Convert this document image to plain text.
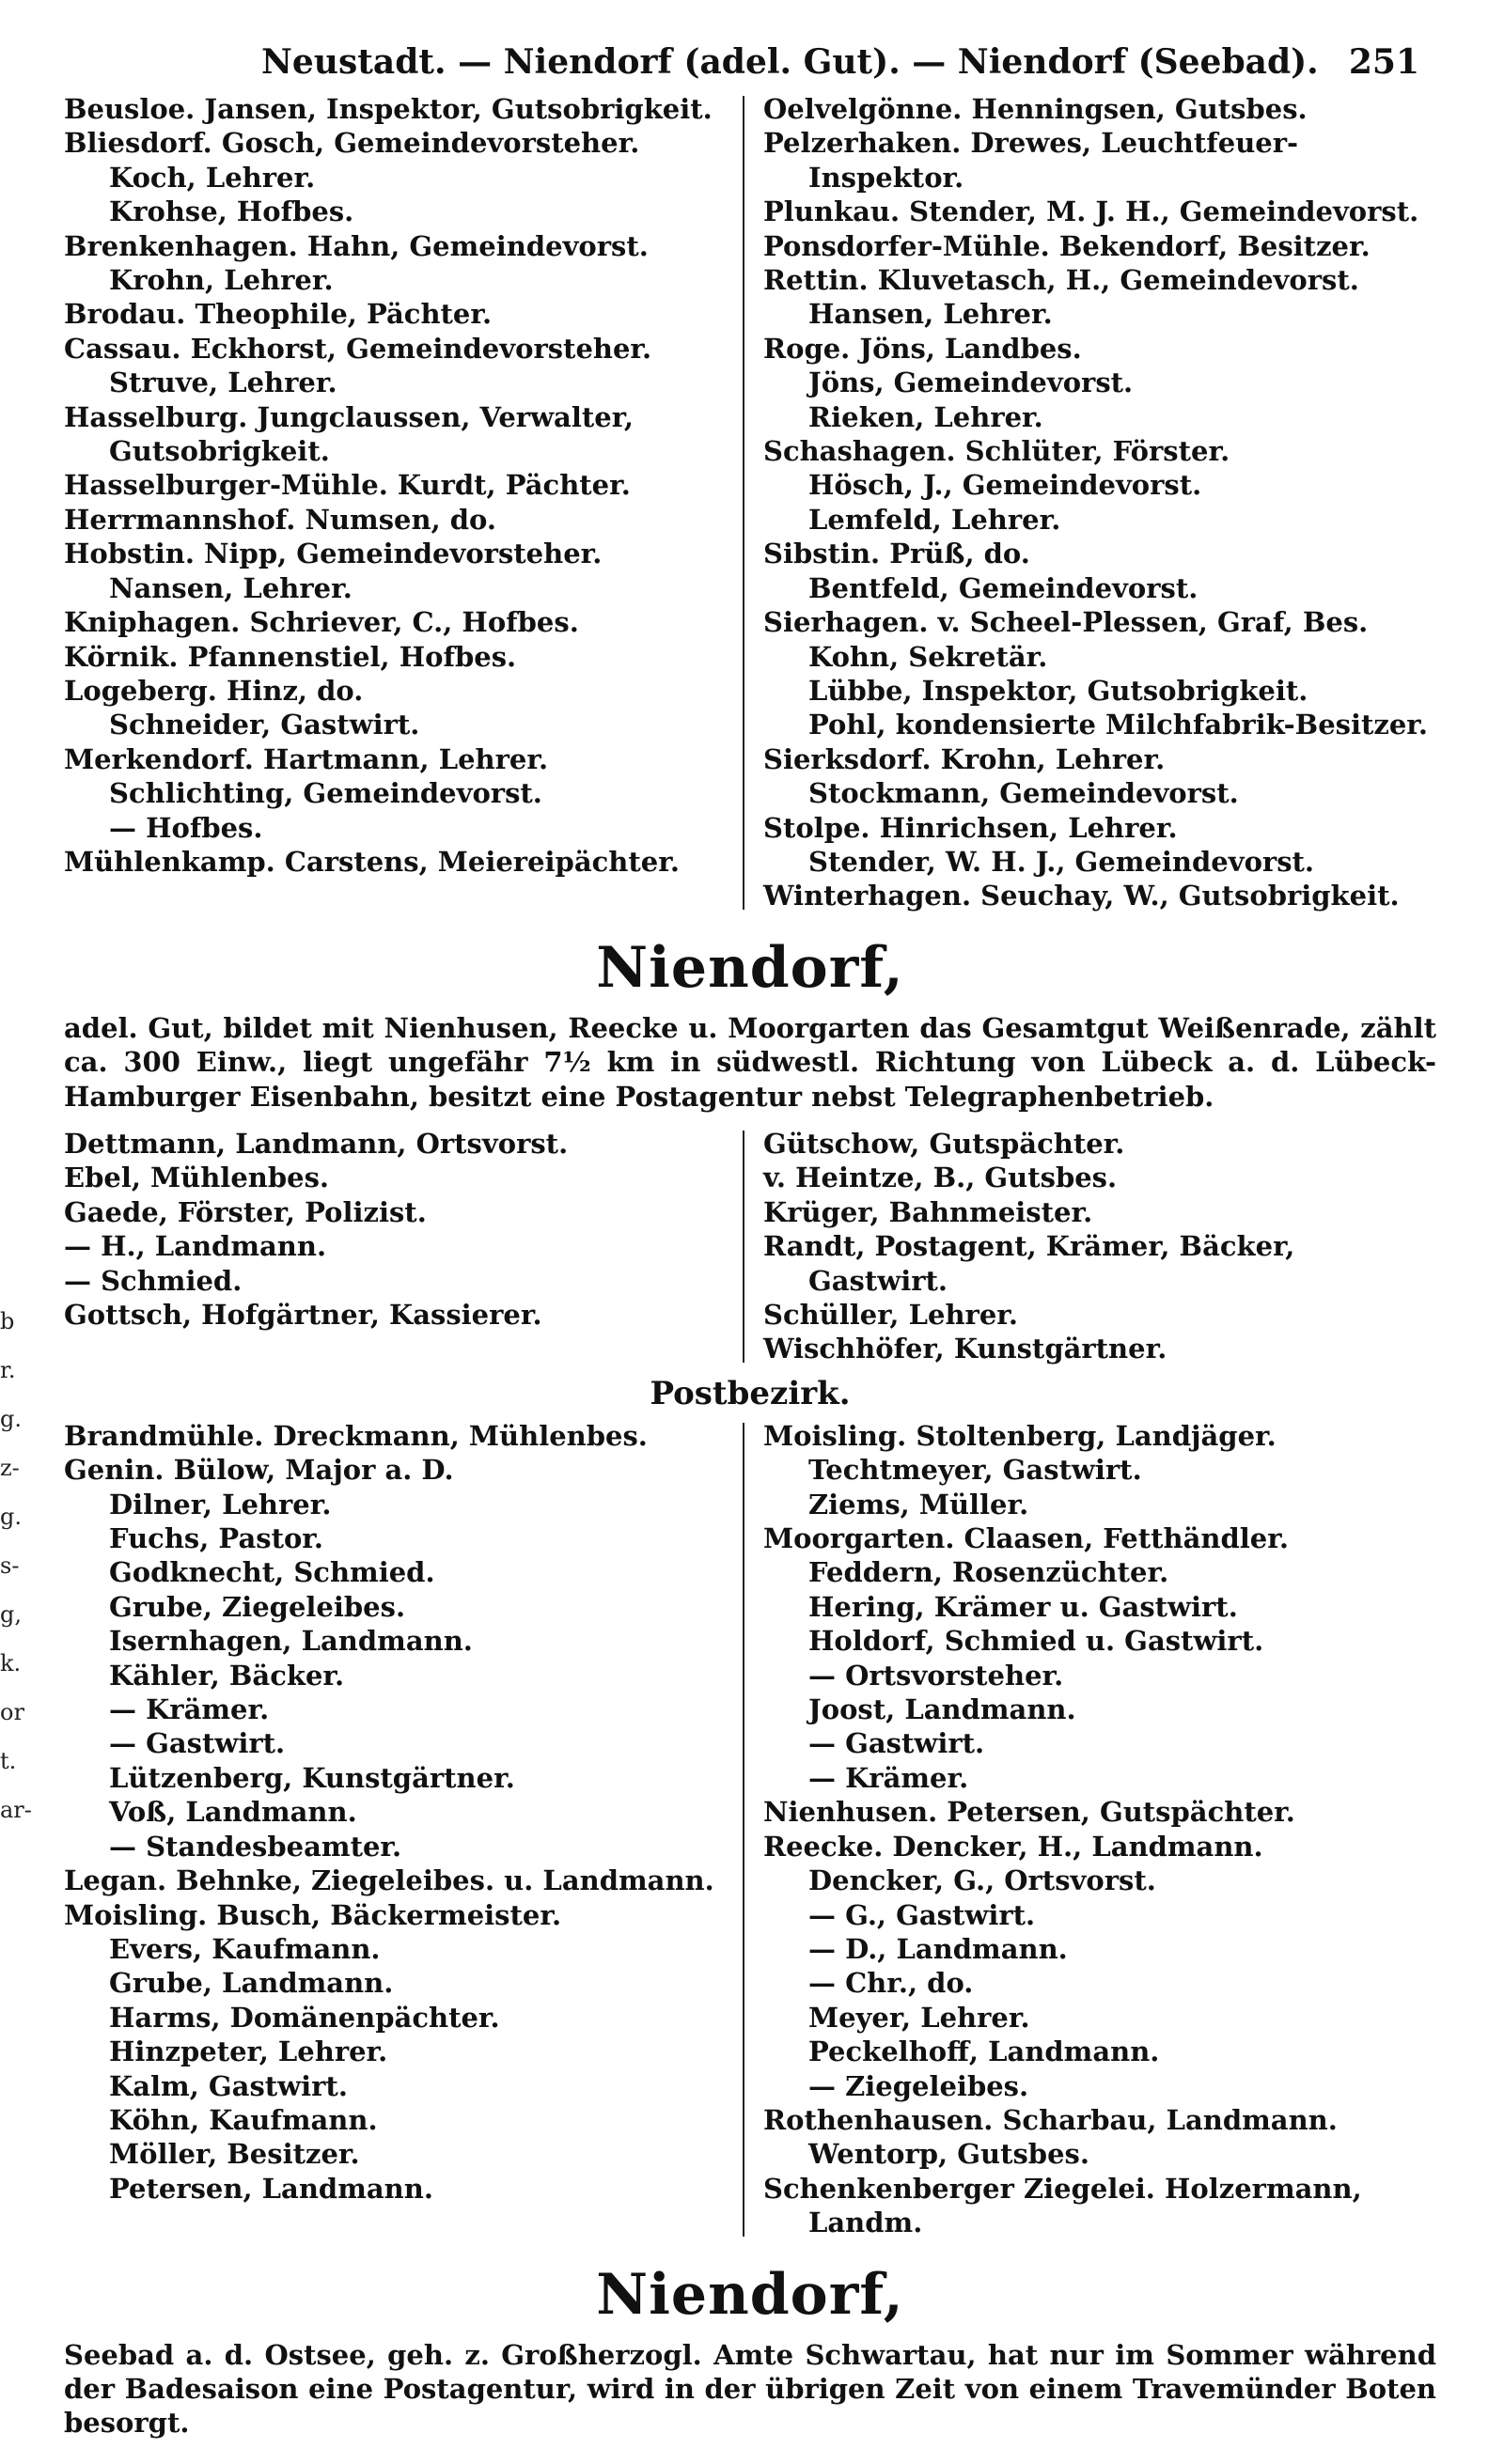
b
r.
g.
z-
g.
s-
g,
k.
or
t.
ar-
Neustadt. — Niendorf (adel. Gut). — Niendorf (Seebad). 251
Beusloe. Jansen, Inspektor, Gutsobrigkeit.
Bliesdorf. Gosch, Gemeindevorsteher.
Koch, Lehrer.
Krohse, Hofbes.
Brenkenhagen. Hahn, Gemeindevorst.
Krohn, Lehrer.
Brodau. Theophile, Pächter.
Cassau. Eckhorst, Gemeindevorsteher.
Struve, Lehrer.
Hasselburg. Jungclaussen, Verwalter, Gutsobrigkeit.
Hasselburger-Mühle. Kurdt, Pächter.
Herrmannshof. Numsen, do.
Hobstin. Nipp, Gemeindevorsteher.
Nansen, Lehrer.
Kniphagen. Schriever, C., Hofbes.
Körnik. Pfannenstiel, Hofbes.
Logeberg. Hinz, do.
Schneider, Gastwirt.
Merkendorf. Hartmann, Lehrer.
Schlichting, Gemeindevorst.
— Hofbes.
Mühlenkamp. Carstens, Meiereipächter.
Oelvelgönne. Henningsen, Gutsbes.
Pelzerhaken. Drewes, Leuchtfeuer-Inspektor.
Plunkau. Stender, M. J. H., Gemeindevorst.
Ponsdorfer-Mühle. Bekendorf, Besitzer.
Rettin. Kluvetasch, H., Gemeindevorst.
Hansen, Lehrer.
Roge. Jöns, Landbes.
Jöns, Gemeindevorst.
Rieken, Lehrer.
Schashagen. Schlüter, Förster.
Hösch, J., Gemeindevorst.
Lemfeld, Lehrer.
Sibstin. Prüß, do.
Bentfeld, Gemeindevorst.
Sierhagen. v. Scheel-Plessen, Graf, Bes.
Kohn, Sekretär.
Lübbe, Inspektor, Gutsobrigkeit.
Pohl, kondensierte Milchfabrik-Besitzer.
Sierksdorf. Krohn, Lehrer.
Stockmann, Gemeindevorst.
Stolpe. Hinrichsen, Lehrer.
Stender, W. H. J., Gemeindevorst.
Winterhagen. Seuchay, W., Gutsobrigkeit.
Niendorf,
adel. Gut, bildet mit Nienhusen, Reecke u. Moorgarten das Gesamtgut Weißenrade, zählt ca. 300 Einw., liegt ungefähr 7½ km in südwestl. Richtung von Lübeck a. d. Lübeck-Hamburger Eisenbahn, besitzt eine Postagentur nebst Telegraphenbetrieb.
Dettmann, Landmann, Ortsvorst.
Ebel, Mühlenbes.
Gaede, Förster, Polizist.
— H., Landmann.
— Schmied.
Gottsch, Hofgärtner, Kassierer.
Gütschow, Gutspächter.
v. Heintze, B., Gutsbes.
Krüger, Bahnmeister.
Randt, Postagent, Krämer, Bäcker, Gastwirt.
Schüller, Lehrer.
Wischhöfer, Kunstgärtner.
Postbezirk.
Brandmühle. Dreckmann, Mühlenbes.
Genin. Bülow, Major a. D.
Dilner, Lehrer.
Fuchs, Pastor.
Godknecht, Schmied.
Grube, Ziegeleibes.
Isernhagen, Landmann.
Kähler, Bäcker.
— Krämer.
— Gastwirt.
Lützenberg, Kunstgärtner.
Voß, Landmann.
— Standesbeamter.
Legan. Behnke, Ziegeleibes. u. Landmann.
Moisling. Busch, Bäckermeister.
Evers, Kaufmann.
Grube, Landmann.
Harms, Domänenpächter.
Hinzpeter, Lehrer.
Kalm, Gastwirt.
Köhn, Kaufmann.
Möller, Besitzer.
Petersen, Landmann.
Moisling. Stoltenberg, Landjäger.
Techtmeyer, Gastwirt.
Ziems, Müller.
Moorgarten. Claasen, Fetthändler.
Feddern, Rosenzüchter.
Hering, Krämer u. Gastwirt.
Holdorf, Schmied u. Gastwirt.
— Ortsvorsteher.
Joost, Landmann.
— Gastwirt.
— Krämer.
Nienhusen. Petersen, Gutspächter.
Reecke. Dencker, H., Landmann.
Dencker, G., Ortsvorst.
— G., Gastwirt.
— D., Landmann.
— Chr., do.
Meyer, Lehrer.
Peckelhoff, Landmann.
— Ziegeleibes.
Rothenhausen. Scharbau, Landmann.
Wentorp, Gutsbes.
Schenkenberger Ziegelei. Holzermann, Landm.
Niendorf,
Seebad a. d. Ostsee, geh. z. Großherzogl. Amte Schwartau, hat nur im Sommer während der Badesaison eine Postagentur, wird in der übrigen Zeit von einem Travemünder Boten besorgt.
